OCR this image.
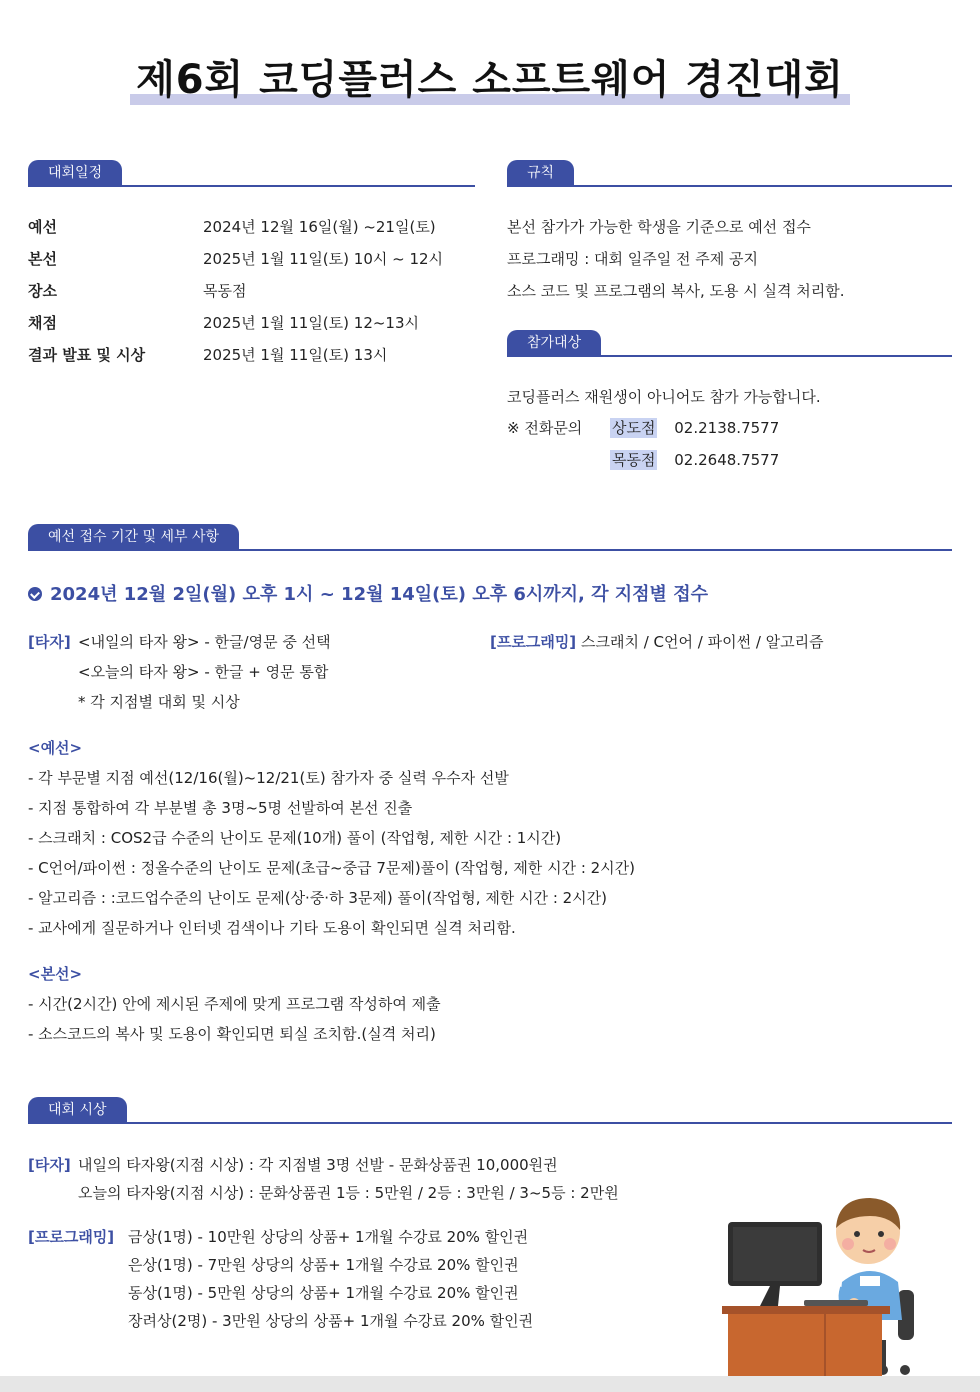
제6회 코딩플러스 소프트웨어 경진대회
대회일정
예선	2024년 12월 16일(월) ~21일(토)
본선	2025년 1월 11일(토) 10시 ~ 12시
장소	목동점
채점	2025년 1월 11일(토) 12~13시
결과 발표 및 시상	2025년 1월 11일(토) 13시
규칙
본선 참가가 가능한 학생을 기준으로 예선 접수
프로그래밍 : 대회 일주일 전 주제 공지
소스 코드 및 프로그램의 복사, 도용 시 실격 처리함.
참가대상
코딩플러스 재원생이 아니어도 참가 가능합니다.
※ 전화문의 상도점 02.2138.7577
목동점 02.2648.7577
예선 접수 기간 및 세부 사항
2024년 12월 2일(월) 오후 1시 ~ 12월 14일(토) 오후 6시까지, 각 지점별 접수
[타자] <내일의 타자 왕> - 한글/영문 중 선택
<오늘의 타자 왕> - 한글 + 영문 통합
* 각 지점별 대회 및 시상
[프로그래밍] 스크래치 / C언어 / 파이썬 / 알고리즘
<예선>
- 각 부문별 지점 예선(12/16(월)~12/21(토) 참가자 중 실력 우수자 선발
- 지점 통합하여 각 부분별 총 3명~5명 선발하여 본선 진출
- 스크래치 : COS2급 수준의 난이도 문제(10개) 풀이 (작업형, 제한 시간 : 1시간)
- C언어/파이썬 : 정올수준의 난이도 문제(초급~중급 7문제)풀이 (작업형, 제한 시간 : 2시간)
- 알고리즘 : :코드업수준의 난이도 문제(상·중·하 3문제) 풀이(작업형, 제한 시간 : 2시간)
- 교사에게 질문하거나 인터넷 검색이나 기타 도용이 확인되면 실격 처리함.
<본선>
- 시간(2시간) 안에 제시된 주제에 맞게 프로그램 작성하여 제출
- 소스코드의 복사 및 도용이 확인되면 퇴실 조치함.(실격 처리)
대회 시상
[타자] 내일의 타자왕(지점 시상) : 각 지점별 3명 선발 - 문화상품권 10,000원권
오늘의 타자왕(지점 시상) : 문화상품권 1등 : 5만원 / 2등 : 3만원 / 3~5등 : 2만원
[프로그래밍] 금상(1명) - 10만원 상당의 상품+ 1개월 수강료 20% 할인권
은상(1명) - 7만원 상당의 상품+ 1개월 수강료 20% 할인권
동상(1명) - 5만원 상당의 상품+ 1개월 수강료 20% 할인권
장려상(2명) - 3만원 상당의 상품+ 1개월 수강료 20% 할인권
